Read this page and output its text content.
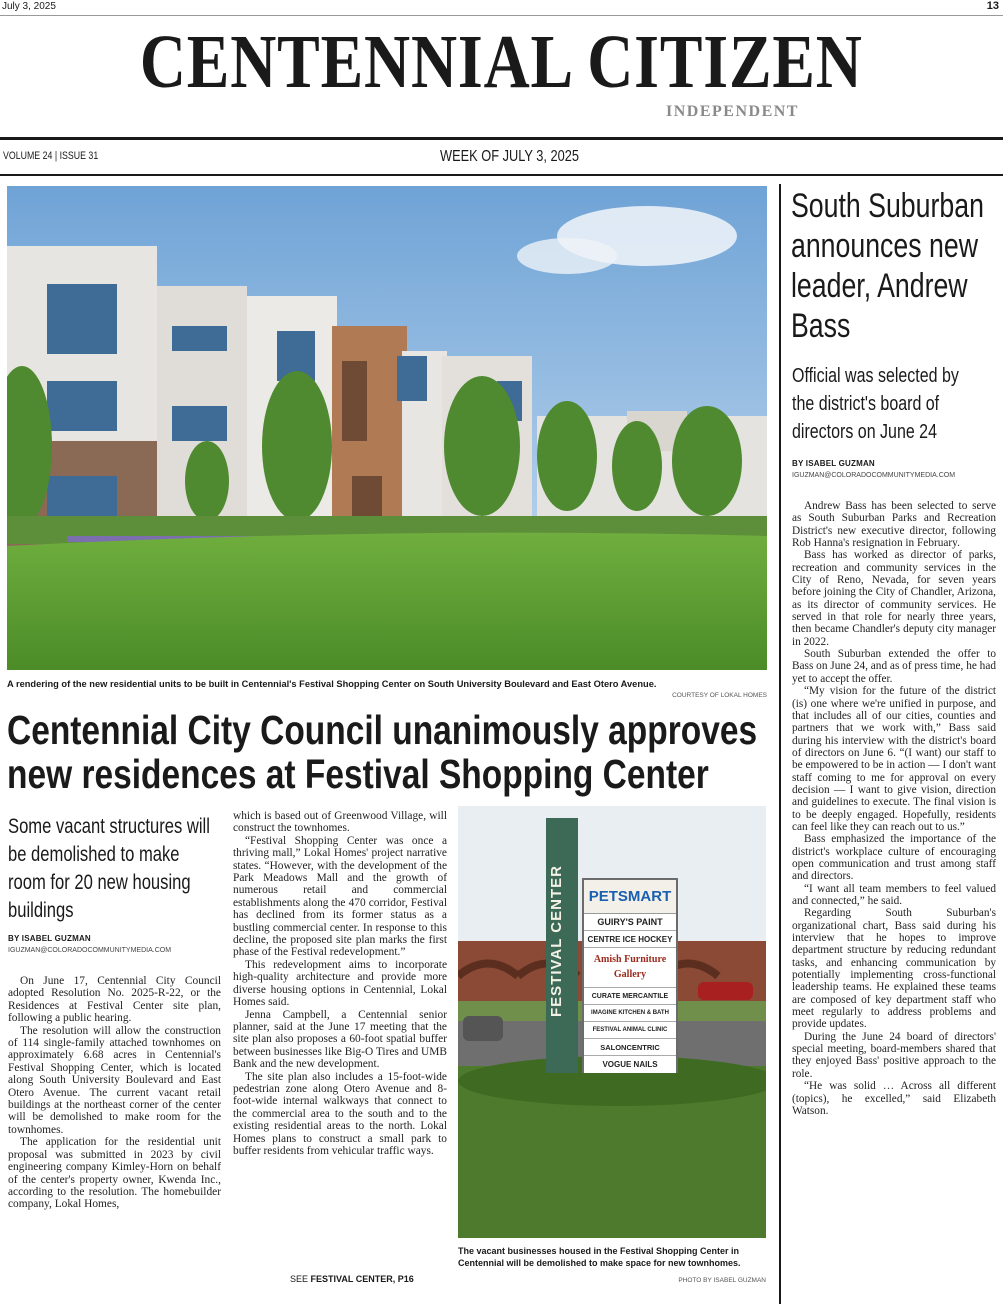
July 3, 2025	13
CENTENNIAL CITIZEN
INDEPENDENT
VOLUME 24 | ISSUE 31	WEEK OF JULY 3, 2025
A rendering of the new residential units to be built in Centennial's Festival Shopping Center on South University Boulevard and East Otero Avenue.
COURTESY OF LOKAL HOMES
Centennial City Council unanimously approves
new residences at Festival Shopping Center
Some vacant structures will be demolished to make room for 20 new housing buildings
BY ISABEL GUZMAN
IGUZMAN@COLORADOCOMMUNITYMEDIA.COM

On June 17, Centennial City Council adopted Resolution No. 2025-R-22, or the Residences at Festival Center site plan, following a public hearing.

The resolution will allow the construction of 114 single-family attached townhomes on approximately 6.68 acres in Centennial's Festival Shopping Center, which is located along South University Boulevard and East Otero Avenue. The current vacant retail buildings at the northeast corner of the center will be demolished to make room for the townhomes.

The application for the residential unit proposal was submitted in 2023 by civil engineering company Kimley-Horn on behalf of the center's property owner, Kwenda Inc., according to the resolution. The homebuilder company, Lokal Homes,

which is based out of Greenwood Village, will construct the townhomes.

“Festival Shopping Center was once a thriving mall,” Lokal Homes' project narrative states. “However, with the development of the Park Meadows Mall and the growth of numerous retail and commercial establishments along the 470 corridor, Festival has declined from its former status as a bustling commercial center. In response to this decline, the proposed site plan marks the first phase of the Festival redevelopment.”

This redevelopment aims to incorporate high-quality architecture and provide more diverse housing options in Centennial, Lokal Homes said.

Jenna Campbell, a Centennial senior planner, said at the June 17 meeting that the site plan also proposes a 60-foot spatial buffer between businesses like Big-O Tires and UMB Bank and the new development.

The site plan also includes a 15-foot-wide pedestrian zone along Otero Avenue and 8-foot-wide internal walkways that connect to the commercial area to the south and to the existing residential areas to the north. Lokal Homes plans to construct a small park to buffer residents from vehicular traffic ways.

SEE FESTIVAL CENTER, P16
FESTIVAL CENTER	PETSMART
GUIRY'S PAINT
CENTRE ICE HOCKEY
Amish Furniture Gallery
CURATE MERCANTILE
IMAGINE KITCHEN & BATH
FESTIVAL ANIMAL CLINIC
SALONCENTRIC
VOGUE NAILS
The vacant businesses housed in the Festival Shopping Center in Centennial will be demolished to make space for new townhomes.
PHOTO BY ISABEL GUZMAN
South Suburban announces new leader, Andrew Bass
Official was selected by the district's board of directors on June 24
BY ISABEL GUZMAN
IGUZMAN@COLORADOCOMMUNITYMEDIA.COM

Andrew Bass has been selected to serve as South Suburban Parks and Recreation District's new executive director, following Rob Hanna's resignation in February.

Bass has worked as director of parks, recreation and community services in the City of Reno, Nevada, for seven years before joining the City of Chandler, Arizona, as its director of community services. He served in that role for nearly three years, then became Chandler's deputy city manager in 2022.

South Suburban extended the offer to Bass on June 24, and as of press time, he had yet to accept the offer.

“My vision for the future of the district (is) one where we're unified in purpose, and that includes all of our cities, counties and partners that we work with,” Bass said during his interview with the district's board of directors on June 6. “(I want) our staff to be empowered to be in action — I don't want staff coming to me for approval on every decision — I want to give vision, direction and guidelines to execute. The final vision is to be deeply engaged. Hopefully, residents can feel like they can reach out to us.”

Bass emphasized the importance of the district's workplace culture of encouraging open communication and trust among staff and directors.

“I want all team members to feel valued and connected,” he said.

Regarding South Suburban's organizational chart, Bass said during his interview that he hopes to improve department structure by reducing redundant tasks, and enhancing communication by potentially implementing cross-functional leadership teams. He explained these teams are composed of key department staff who meet regularly to address problems and provide updates.

During the June 24 board of directors' special meeting, board-members shared that they enjoyed Bass' positive approach to the role.

“He was solid … Across all different (topics), he excelled,” said Elizabeth Watson.
